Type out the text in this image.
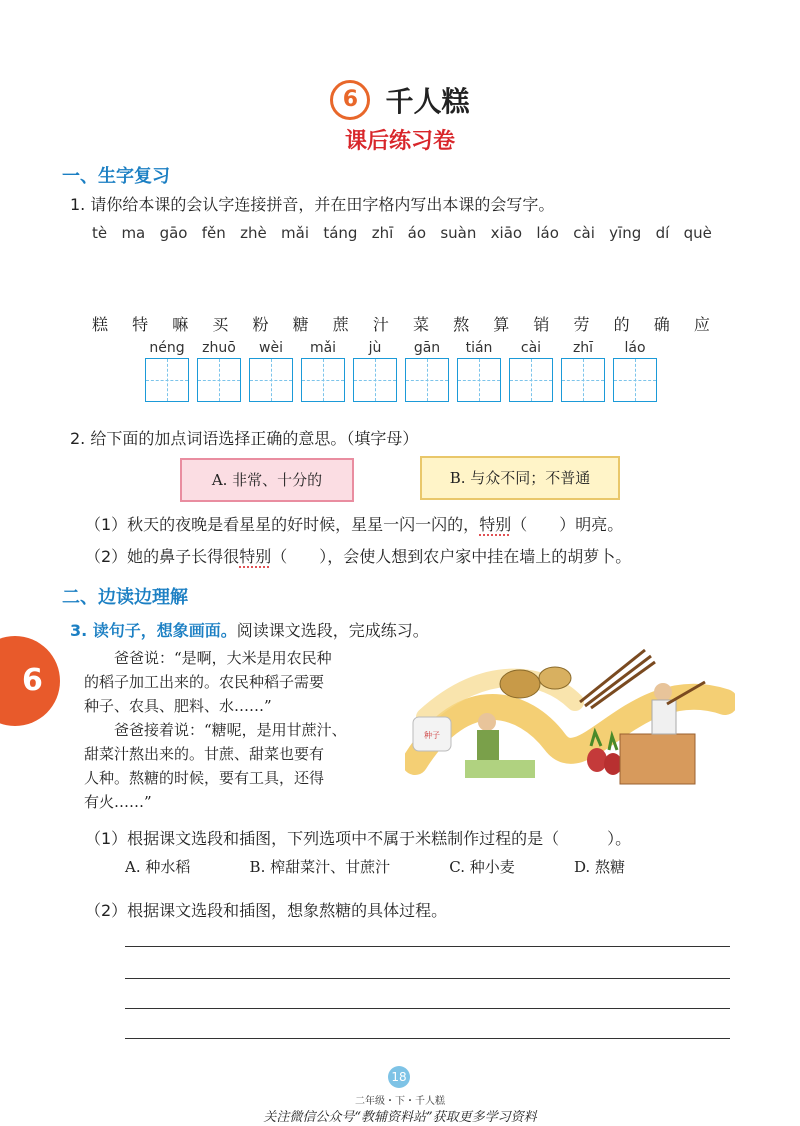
6 千人糕
课后练习卷
一、生字复习
1. 请你给本课的会认字连接拼音，并在田字格内写出本课的会写字。
tè ma gāo fěn zhè mǎi táng zhī áo suàn xiāo láo cài yīng dí què
糕 特 嘛 买 粉 糖 蔗 汁 菜 熬 算 销 劳 的 确 应
néng zhuō wèi mǎi jù gān tián cài zhī láo
2. 给下面的加点词语选择正确的意思。（填字母）
A. 非常、十分的	B. 与众不同；不普通
（1）秋天的夜晚是看星星的好时候，星星一闪一闪的，特别（　　）明亮。
（2）她的鼻子长得很特别（　　），会使人想到农户家中挂在墙上的胡萝卜。
二、边读边理解
3. 读句子，想象画面。阅读课文选段，完成练习。
6

　　爸爸说：“是啊，大米是用农民种

的稻子加工出来的。农民种稻子需要

种子、农具、肥料、水……”

　　爸爸接着说：“糖呢，是用甘蔗汁、

甜菜汁熬出来的。甘蔗、甜菜也要有

人种。熬糖的时候，要有工具，还得

有火……”

种子
（1）根据课文选段和插图，下列选项中不属于米糕制作过程的是（　　　）。
A. 种水稻	B. 榨甜菜汁、甘蔗汁	C. 种小麦	D. 熬糖
（2）根据课文选段和插图，想象熬糖的具体过程。
18
二年级・下・千人糕
关注微信公众号“教辅资料站”获取更多学习资料
